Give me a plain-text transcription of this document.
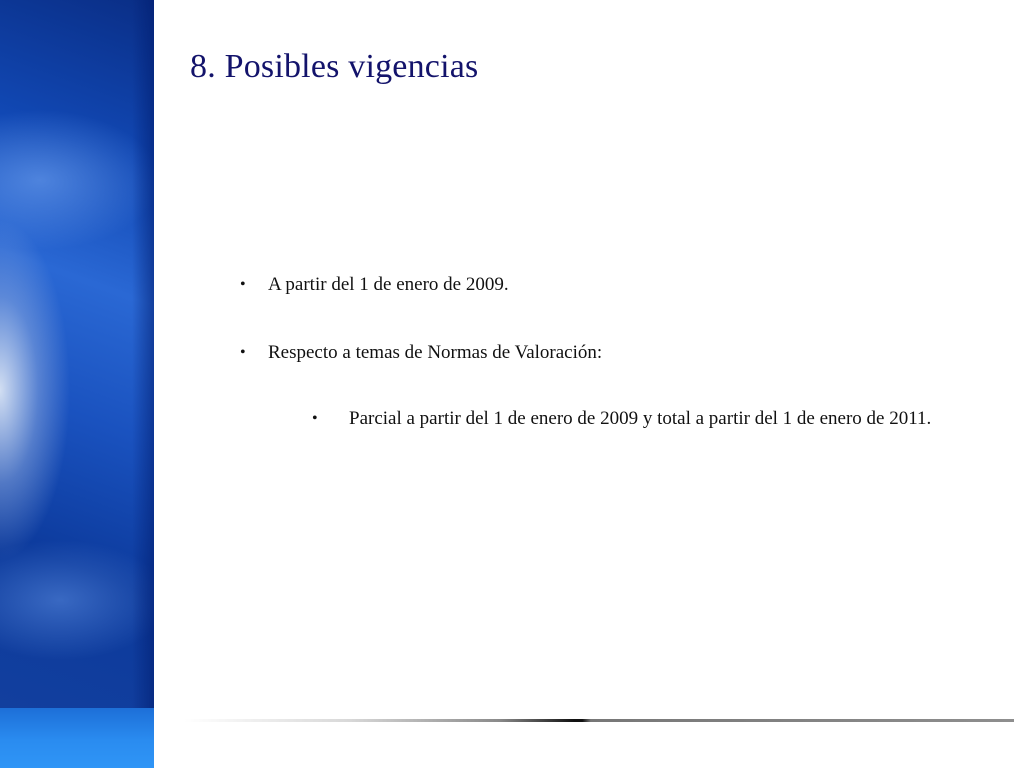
8. Posibles vigencias
• A partir del 1 de enero de 2009.
• Respecto a temas de Normas de Valoración:
• Parcial a partir del 1 de enero de 2009 y total a partir del 1 de enero de 2011.
